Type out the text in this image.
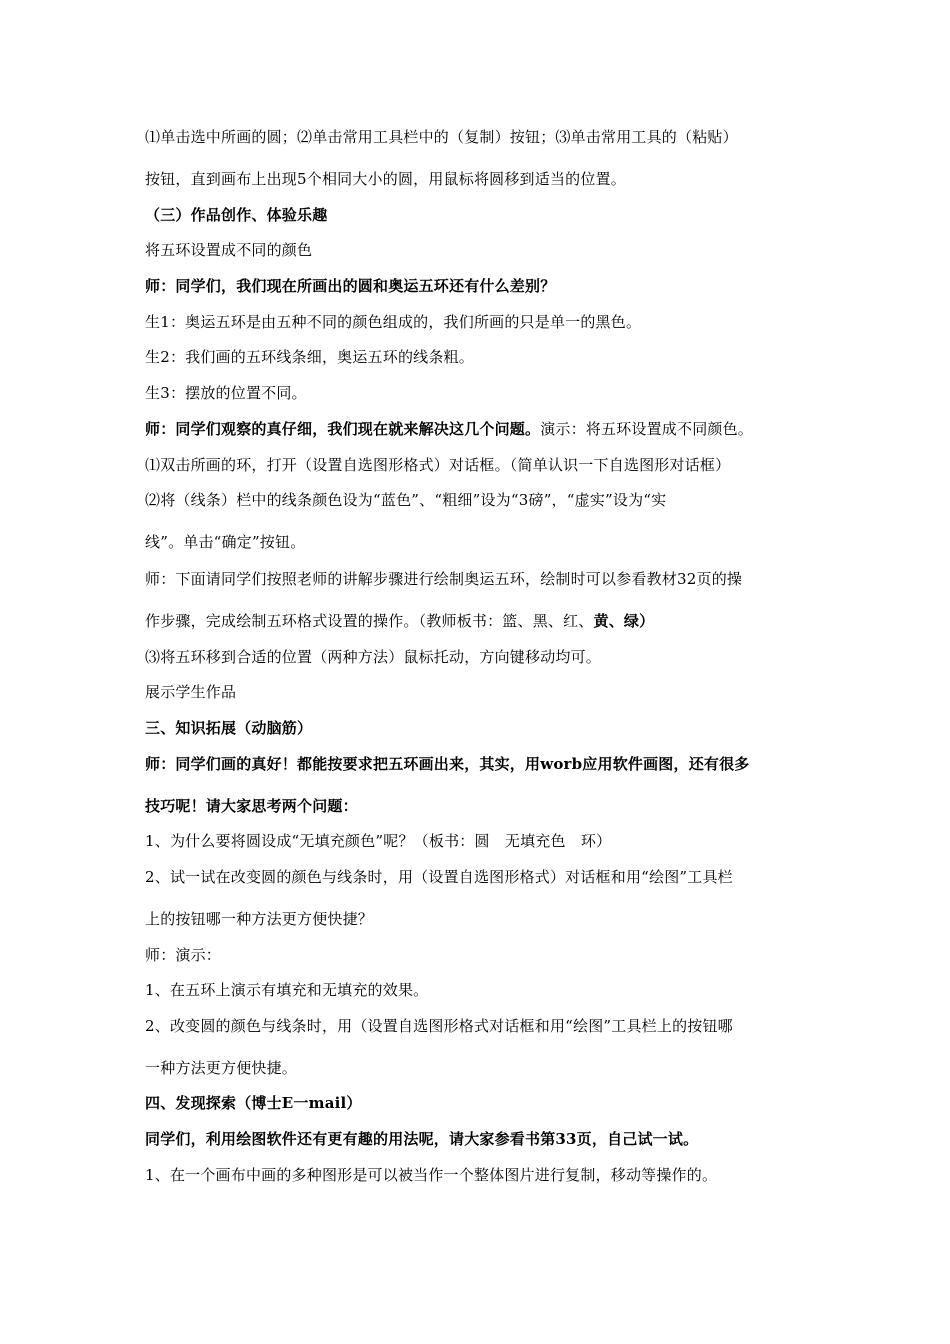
⑴单击选中所画的圆；⑵单击常用工具栏中的（复制）按钮；⑶单击常用工具的（粘贴）
按钮，直到画布上出现5个相同大小的圆，用鼠标将圆移到适当的位置。
（三）作品创作、体验乐趣
将五环设置成不同的颜色
师：同学们，我们现在所画出的圆和奥运五环还有什么差别？
生1：奥运五环是由五种不同的颜色组成的，我们所画的只是单一的黑色。
生2：我们画的五环线条细，奥运五环的线条粗。
生3：摆放的位置不同。
师：同学们观察的真仔细，我们现在就来解决这几个问题。演示：将五环设置成不同颜色。
⑴双击所画的环，打开（设置自选图形格式）对话框。（简单认识一下自选图形对话框）
⑵将（线条）栏中的线条颜色设为“蓝色”、“粗细”设为“3磅”，“虚实”设为“实
线”。单击“确定”按钮。
师：下面请同学们按照老师的讲解步骤进行绘制奥运五环，绘制时可以参看教材32页的操
作步骤，完成绘制五环格式设置的操作。（教师板书：篮、黑、红、黄、绿）
⑶将五环移到合适的位置（两种方法）鼠标托动，方向键移动均可。
展示学生作品
三、知识拓展（动脑筋）
师：同学们画的真好！都能按要求把五环画出来，其实，用worb应用软件画图，还有很多
技巧呢！请大家思考两个问题：
1、为什么要将圆设成“无填充颜色”呢？（板书：圆　无填充色　环）
2、试一试在改变圆的颜色与线条时，用（设置自选图形格式）对话框和用“绘图”工具栏
上的按钮哪一种方法更方便快捷？
师：演示：
1、在五环上演示有填充和无填充的效果。
2、改变圆的颜色与线条时，用（设置自选图形格式对话框和用“绘图”工具栏上的按钮哪
一种方法更方便快捷。
四、发现探索（博士E一mail）
同学们，利用绘图软件还有更有趣的用法呢，请大家参看书第33页，自己试一试。
1、在一个画布中画的多种图形是可以被当作一个整体图片进行复制，移动等操作的。
